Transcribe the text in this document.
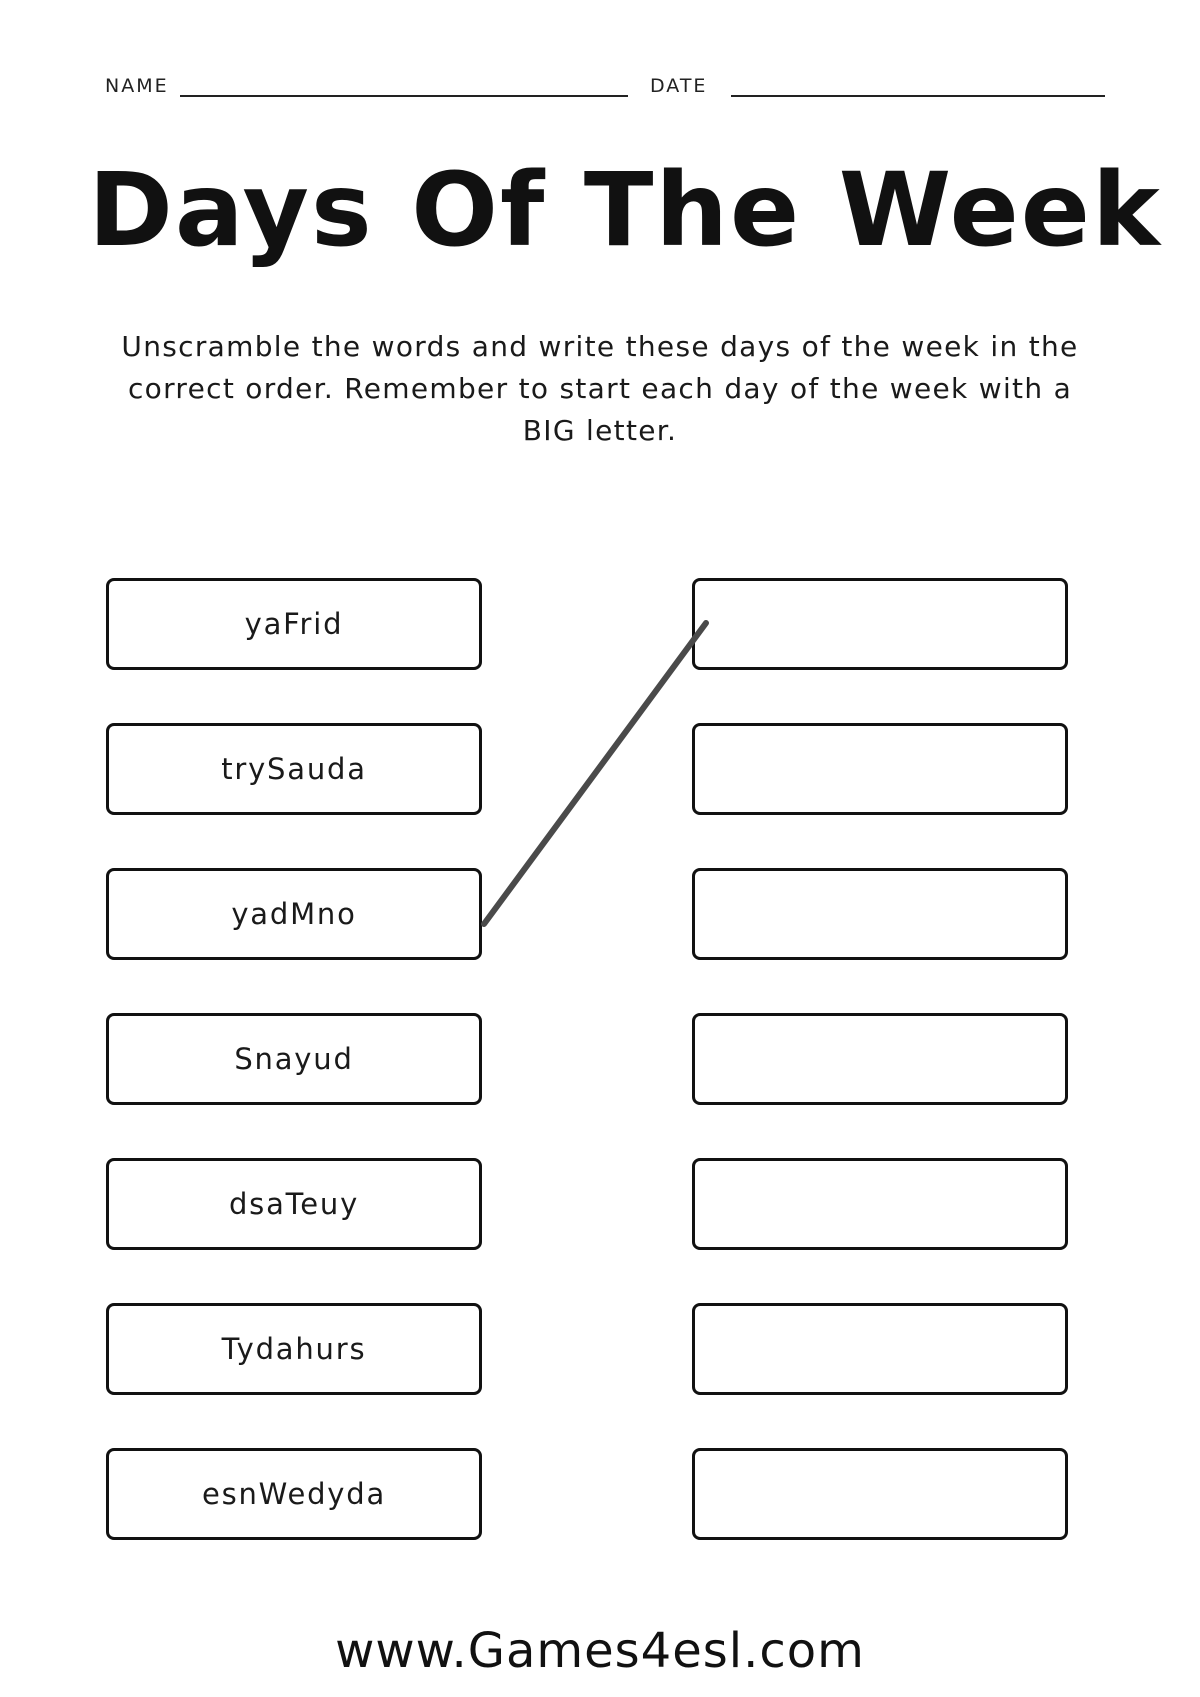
NAME	DATE
Days Of The Week
Unscramble the words and write these days of the week in the correct order. Remember to start each day of the week with a BIG letter.
yaFrid
trySauda
yadMno
Snayud
dsaTeuy
Tydahurs
esnWedyda
www.Games4esl.com
